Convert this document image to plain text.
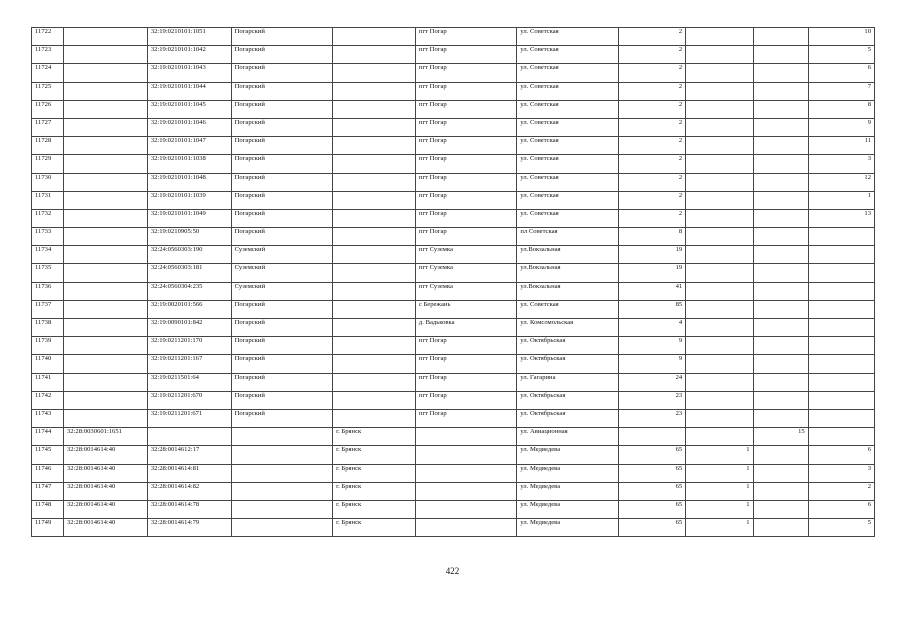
11722		32:19:0210101:1051	Погарский		пгт Погар	ул. Советская	2			10
11723		32:19:0210101:1042	Погарский		пгт Погар	ул. Советская	2			5
11724		32:19:0210101:1043	Погарский		пгт Погар	ул. Советская	2			6
11725		32:19:0210101:1044	Погарский		пгт Погар	ул. Советская	2			7
11726		32:19:0210101:1045	Погарский		пгт Погар	ул. Советская	2			8
11727		32:19:0210101:1046	Погарский		пгт Погар	ул. Советская	2			9
11728		32:19:0210101:1047	Погарский		пгт Погар	ул. Советская	2			11
11729		32:19:0210101:1038	Погарский		пгт Погар	ул. Советская	2			3
11730		32:19:0210101:1048	Погарский		пгт Погар	ул. Советская	2			12
11731		32:19:0210101:1039	Погарский		пгт Погар	ул. Советская	2			1
11732		32:19:0210101:1049	Погарский		пгт Погар	ул. Советская	2			13
11733		32:19:0210905:50	Погарский		пгт Погар	пл Советская	8			
11734		32:24:0560303:190	Суземский		пгт Суземка	ул.Вокзальная	19			
11735		32:24:0560303:181	Суземский		пгт Суземка	ул.Вокзальная	19			
11736		32:24:0560304:235	Суземский		пгт Суземка	ул.Вокзальная	41			
11737		32:19:0020101:566	Погарский		с Бережань	ул. Советская	85			
11738		32:19:0090101:842	Погарский		д. Вадьковка	ул. Комсомольская	4			
11739		32:19:0211201:170	Погарский		пгт Погар	ул. Октябрьская	9			
11740		32:19:0211201:167	Погарский		пгт Погар	ул. Октябрьская	9			
11741		32:19:0211501:64	Погарский		пгт Погар	ул. Гагарина	24			
11742		32:19:0211201:670	Погарский		пгт Погар	ул. Октябрьская	23			
11743		32:19:0211201:671	Погарский		пгт Погар	ул. Октябрьская	23			
11744	32:28:0030601:1651			г. Брянск		ул. Авиационная			15	
11745	32:28:0014614:40	32:28:0014612:17		г. Брянск		ул. Медведева	65	1		6
11746	32:28:0014614:40	32:28:0014614:81		г. Брянск		ул. Медведева	65	1		3
11747	32:28:0014614:40	32:28:0014614:82		г. Брянск		ул. Медведева	65	1		2
11748	32:28:0014614:40	32:28:0014614:78		г. Брянск		ул. Медведева	65	1		6
11749	32:28:0014614:40	32:28:0014614:79		г. Брянск		ул. Медведева	65	1		5
422
